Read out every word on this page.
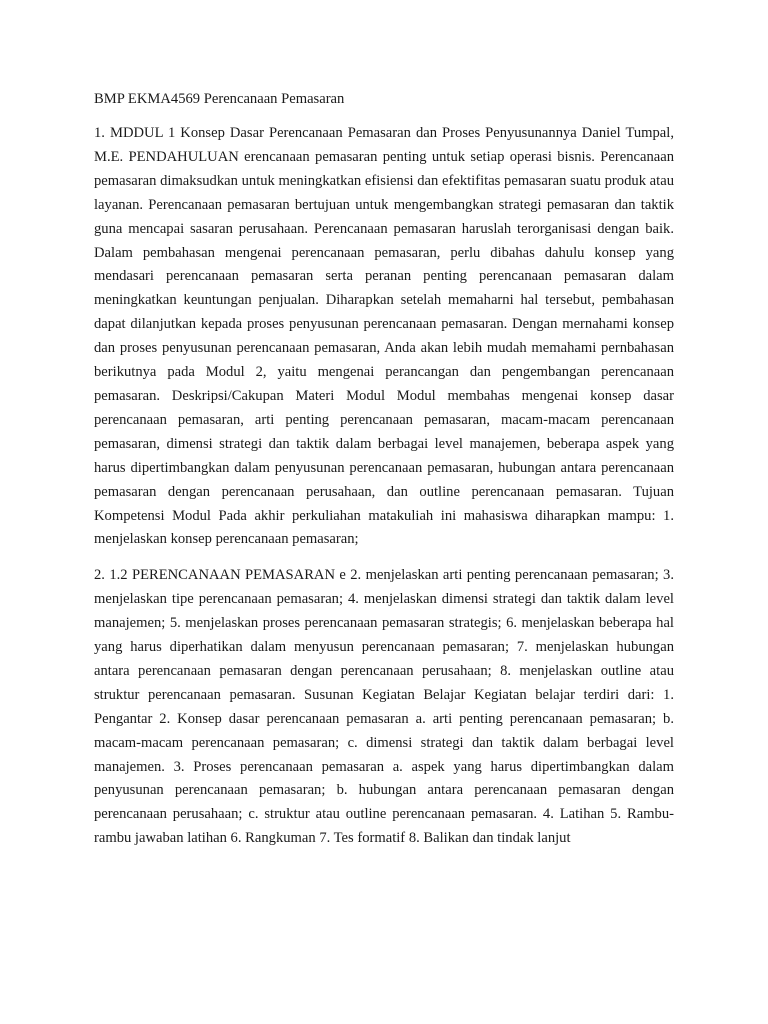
BMP EKMA4569 Perencanaan Pemasaran

1. MDDUL 1 Konsep Dasar Perencanaan Pemasaran dan Proses Penyusunannya Daniel Tumpal, M.E. PENDAHULUAN erencanaan pemasaran penting untuk setiap operasi bisnis. Perencanaan pemasaran dimaksudkan untuk meningkatkan efisiensi dan efektifitas pemasaran suatu produk atau layanan. Perencanaan pemasaran bertujuan untuk mengembangkan strategi pemasaran dan taktik guna mencapai sasaran perusahaan. Perencanaan pemasaran haruslah terorganisasi dengan baik. Dalam pembahasan mengenai perencanaan pemasaran, perlu dibahas dahulu konsep yang mendasari perencanaan pemasaran serta peranan penting perencanaan pemasaran dalam meningkatkan keuntungan penjualan. Diharapkan setelah memaharni hal tersebut, pembahasan dapat dilanjutkan kepada proses penyusunan perencanaan pemasaran. Dengan mernahami konsep dan proses penyusunan perencanaan pemasaran, Anda akan lebih mudah memahami pernbahasan berikutnya pada Modul 2, yaitu mengenai perancangan dan pengembangan perencanaan pemasaran. Deskripsi/Cakupan Materi Modul Modul membahas mengenai konsep dasar perencanaan pemasaran, arti penting perencanaan pemasaran, macam-macam perencanaan pemasaran, dimensi strategi dan taktik dalam berbagai level manajemen, beberapa aspek yang harus dipertimbangkan dalam penyusunan perencanaan pemasaran, hubungan antara perencanaan pemasaran dengan perencanaan perusahaan, dan outline perencanaan pemasaran. Tujuan Kompetensi Modul Pada akhir perkuliahan matakuliah ini mahasiswa diharapkan mampu: 1. menjelaskan konsep perencanaan pemasaran;

2. 1.2 PERENCANAAN PEMASARAN e 2. menjelaskan arti penting perencanaan pemasaran; 3. menjelaskan tipe perencanaan pemasaran; 4. menjelaskan dimensi strategi dan taktik dalam level manajemen; 5. menjelaskan proses perencanaan pemasaran strategis; 6. menjelaskan beberapa hal yang harus diperhatikan dalam menyusun perencanaan pemasaran; 7. menjelaskan hubungan antara perencanaan pemasaran dengan perencanaan perusahaan; 8. menjelaskan outline atau struktur perencanaan pemasaran. Susunan Kegiatan Belajar Kegiatan belajar terdiri dari: 1. Pengantar 2. Konsep dasar perencanaan pemasaran a. arti penting perencanaan pemasaran; b. macam-macam perencanaan pemasaran; c. dimensi strategi dan taktik dalam berbagai level manajemen. 3. Proses perencanaan pemasaran a. aspek yang harus dipertimbangkan dalam penyusunan perencanaan pemasaran; b. hubungan antara perencanaan pemasaran dengan perencanaan perusahaan; c. struktur atau outline perencanaan pemasaran. 4. Latihan 5. Rambu-rambu jawaban latihan 6. Rangkuman 7. Tes formatif 8. Balikan dan tindak lanjut
